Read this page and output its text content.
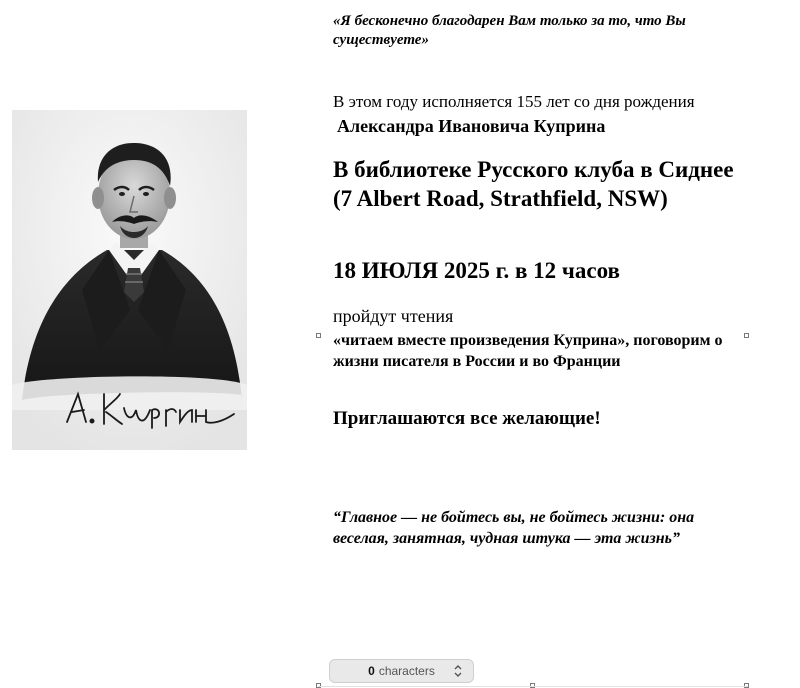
«Я бесконечно благодарен Вам только за то, что Вы существуете»
В этом году исполняется 155 лет со дня рождения
Александра Ивановича Куприна
В библиотеке Русского клуба в Сиднее
(7 Albert Road, Strathfield, NSW)
18 ИЮЛЯ 2025 г. в 12 часов
пройдут чтения
«читаем вместе произведения Куприна», поговорим о жизни писателя в России и во Франции
Приглашаются все желающие!
“Главное — не бойтесь вы, не бойтесь жизни: она веселая, занятная, чудная штука — эта жизнь”
0 characters
